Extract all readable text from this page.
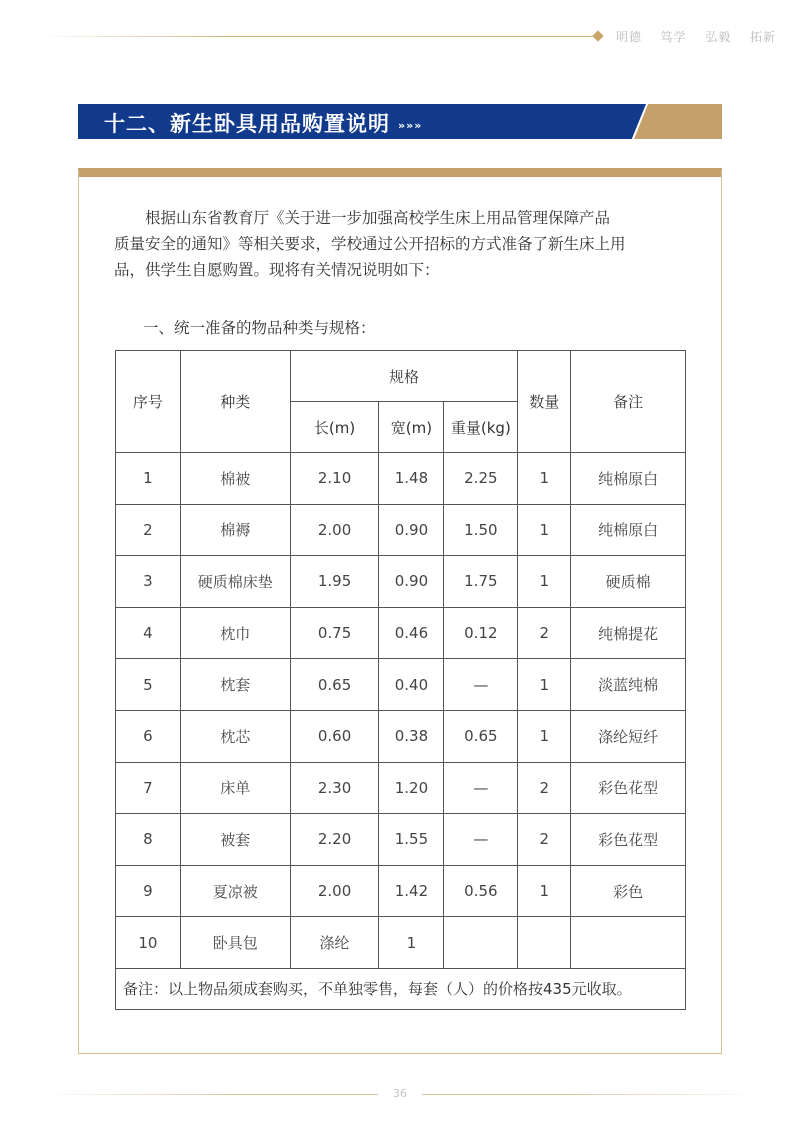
明德 笃学 弘毅 拓新
十二、新生卧具用品购置说明 »»»
　　根据山东省教育厅《关于进一步加强高校学生床上用品管理保障产品
质量安全的通知》等相关要求，学校通过公开招标的方式准备了新生床上用
品，供学生自愿购置。现将有关情况说明如下：
一、统一准备的物品种类与规格：
序号	种类	规格			数量	备注
		长(m)	宽(m)	重量(kg)		
1	棉被	2.10	1.48	2.25	1	纯棉原白
2	棉褥	2.00	0.90	1.50	1	纯棉原白
3	硬质棉床垫	1.95	0.90	1.75	1	硬质棉
4	枕巾	0.75	0.46	0.12	2	纯棉提花
5	枕套	0.65	0.40	—	1	淡蓝纯棉
6	枕芯	0.60	0.38	0.65	1	涤纶短纤
7	床单	2.30	1.20	—	2	彩色花型
8	被套	2.20	1.55	—	2	彩色花型
9	夏凉被	2.00	1.42	0.56	1	彩色
10	卧具包	涤纶	1			
备注：以上物品须成套购买，不单独零售，每套（人）的价格按435元收取。						
36
